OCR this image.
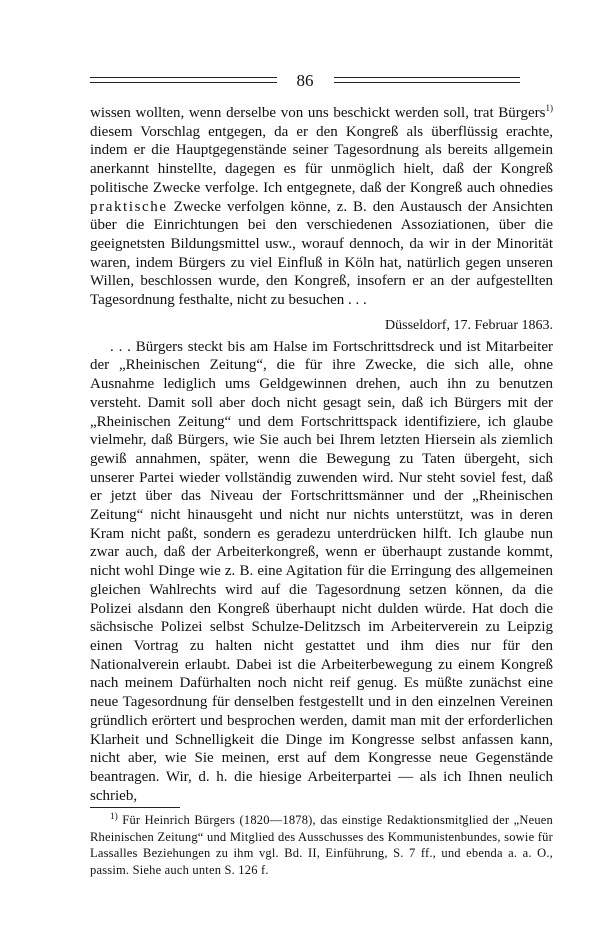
86

wissen wollten, wenn derselbe von uns beschickt werden soll, trat Bürgers$^{1)}$ diesem Vorschlag entgegen, da er den Kongreß als überflüssig erachte, indem er die Hauptgegenstände seiner Tagesordnung als bereits allgemein anerkannt hinstellte, dagegen es für unmöglich hielt, daß der Kongreß politische Zwecke verfolge. Ich entgegnete, daß der Kongreß auch ohnedies praktische Zwecke verfolgen könne, z. B. den Austausch der Ansichten über die Einrichtungen bei den verschiedenen Assoziationen, über die geeignetsten Bildungsmittel usw., worauf dennoch, da wir in der Minorität waren, indem Bürgers zu viel Einfluß in Köln hat, natürlich gegen unseren Willen, beschlossen wurde, den Kongreß, insofern er an der aufgestellten Tagesordnung festhalte, nicht zu besuchen . . .

Düsseldorf, 17. Februar 1863.

. . . Bürgers steckt bis am Halse im Fortschrittsdreck und ist Mitarbeiter der „Rheinischen Zeitung“, die für ihre Zwecke, die sich alle, ohne Ausnahme lediglich ums Geldgewinnen drehen, auch ihn zu benutzen versteht. Damit soll aber doch nicht gesagt sein, daß ich Bürgers mit der „Rheinischen Zeitung“ und dem Fortschrittspack identifiziere, ich glaube vielmehr, daß Bürgers, wie Sie auch bei Ihrem letzten Hiersein als ziemlich gewiß annahmen, später, wenn die Bewegung zu Taten übergeht, sich unserer Partei wieder vollständig zuwenden wird. Nur steht soviel fest, daß er jetzt über das Niveau der Fortschrittsmänner und der „Rheinischen Zeitung“ nicht hinausgeht und nicht nur nichts unterstützt, was in deren Kram nicht paßt, sondern es geradezu unterdrücken hilft. Ich glaube nun zwar auch, daß der Arbeiterkongreß, wenn er überhaupt zustande kommt, nicht wohl Dinge wie z. B. eine Agitation für die Erringung des allgemeinen gleichen Wahlrechts wird auf die Tagesordnung setzen können, da die Polizei alsdann den Kongreß überhaupt nicht dulden würde. Hat doch die sächsische Polizei selbst Schulze-Delitzsch im Arbeiterverein zu Leipzig einen Vortrag zu halten nicht gestattet und ihm dies nur für den Nationalverein erlaubt. Dabei ist die Arbeiterbewegung zu einem Kongreß nach meinem Dafürhalten noch nicht reif genug. Es müßte zunächst eine neue Tagesordnung für denselben festgestellt und in den einzelnen Vereinen gründlich erörtert und besprochen werden, damit man mit der erforderlichen Klarheit und Schnelligkeit die Dinge im Kongresse selbst anfassen kann, nicht aber, wie Sie meinen, erst auf dem Kongresse neue Gegenstände beantragen. Wir, d. h. die hiesige Arbeiterpartei — als ich Ihnen neulich schrieb,

$^{1)}$ Für Heinrich Bürgers (1820—1878), das einstige Redaktionsmitglied der „Neuen Rheinischen Zeitung“ und Mitglied des Ausschusses des Kommunistenbundes, sowie für Lassalles Beziehungen zu ihm vgl. Bd. II, Einführung, S. 7 ff., und ebenda a. a. O., passim. Siehe auch unten S. 126 f.
